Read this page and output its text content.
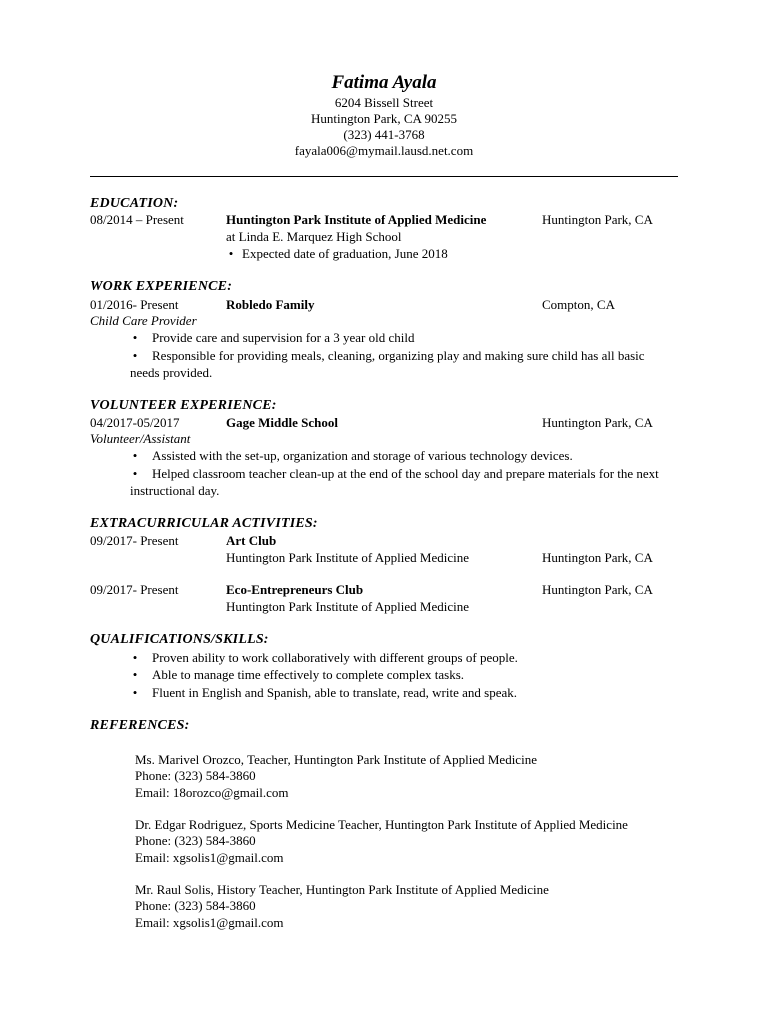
Fatima Ayala
6204 Bissell Street
Huntington Park, CA 90255
(323) 441-3768
fayala006@mymail.lausd.net.com
EDUCATION:
08/2014 – Present	Huntington Park Institute of Applied Medicine	Huntington Park, CA
at Linda E. Marquez High School
• Expected date of graduation, June 2018
WORK EXPERIENCE:
01/2016- Present	Robledo Family	Compton, CA
Child Care Provider
• Provide care and supervision for a 3 year old child
•	Responsible for providing meals, cleaning, organizing play and making sure child has all basic needs provided.
VOLUNTEER EXPERIENCE:
04/2017-05/2017	Gage Middle School	Huntington Park, CA
Volunteer/Assistant
• Assisted with the set-up, organization and storage of various technology devices.
•	Helped classroom teacher clean-up at the end of the school day and prepare materials for the next instructional day.
EXTRACURRICULAR ACTIVITIES:
09/2017- Present	Art Club
Huntington Park Institute of Applied Medicine	Huntington Park, CA
09/2017- Present	Eco-Entrepreneurs Club	Huntington Park, CA
Huntington Park Institute of Applied Medicine
QUALIFICATIONS/SKILLS:
• Proven ability to work collaboratively with different groups of people.
• Able to manage time effectively to complete complex tasks.
• Fluent in English and Spanish, able to translate, read, write and speak.
REFERENCES:
Ms. Marivel Orozco, Teacher, Huntington Park Institute of Applied Medicine
Phone: (323) 584-3860
Email: 18orozco@gmail.com
Dr. Edgar Rodriguez, Sports Medicine Teacher, Huntington Park Institute of Applied Medicine
Phone: (323) 584-3860
Email: xgsolis1@gmail.com
Mr. Raul Solis, History Teacher, Huntington Park Institute of Applied Medicine
Phone: (323) 584-3860
Email: xgsolis1@gmail.com
